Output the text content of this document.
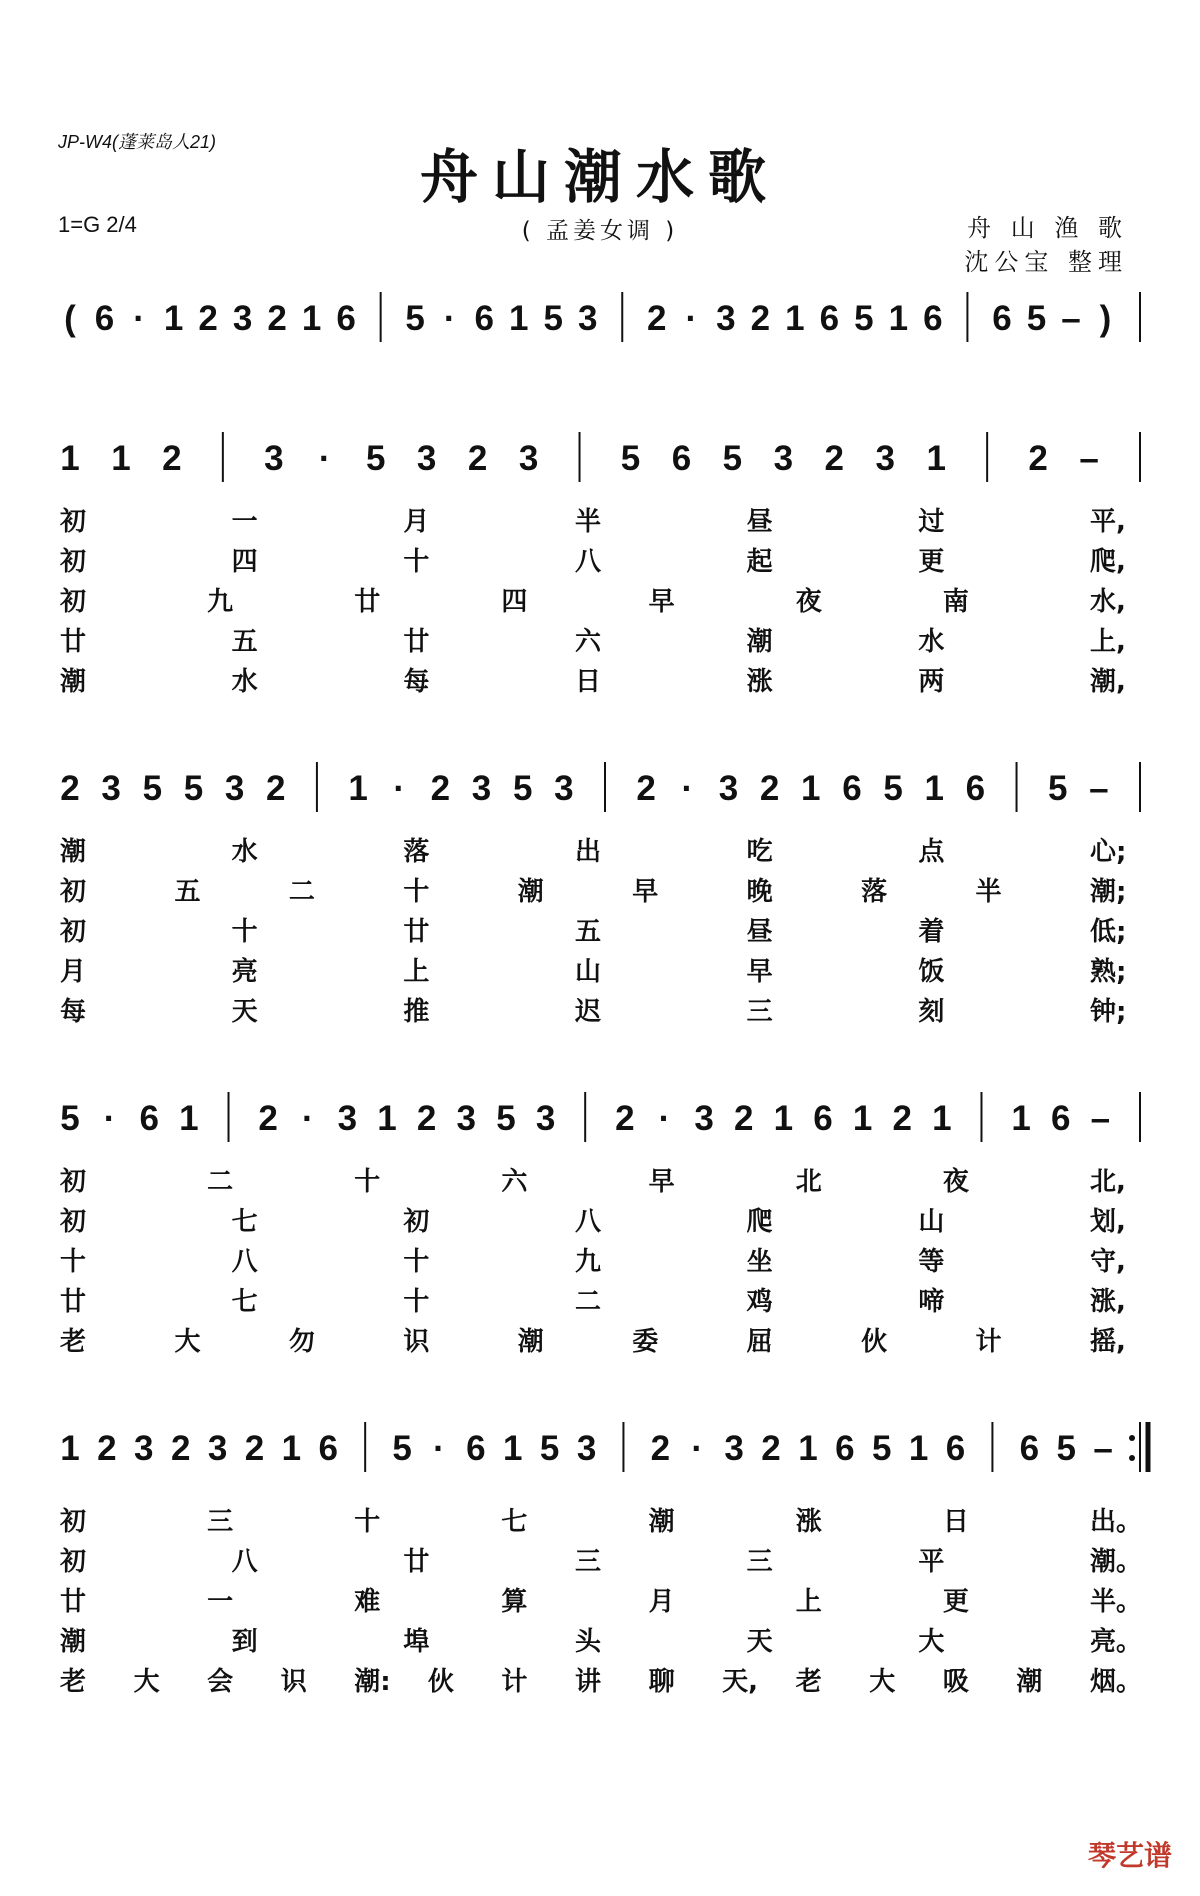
JP-W4(蓬莱岛人21)
舟山潮水歌
1=G 2/4	( 孟姜女调 )	舟 山 渔 歌
沈公宝 整理
( 6 · 1 2 3 2 1 6 5 · 6 1 5 3 2 · 3 2 1 6 5 1 6 6 5 – )
1 1 2 3 · 5 3 2 3 5 6 5 3 2 3 1 2 –
初	一	月	半	昼	过	平,
初	四	十	八	起	更	爬,
初	九	廿	四	早	夜	南	水,
廿	五	廿	六	潮	水	上,
潮	水	每	日	涨	两	潮,
2 3 5 5 3 2 1 · 2 3 5 3 2 · 3 2 1 6 5 1 6 5 –
潮	水	落	出	吃	点	心;
初	五	二	十	潮	早	晚	落	半	潮;
初	十	廿	五	昼	着	低;
月	亮	上	山	早	饭	熟;
每	天	推	迟	三	刻	钟;
5 · 6 1 2 · 3 1 2 3 5 3 2 · 3 2 1 6 1 2 1 1 6 –
初	二	十	六	早	北	夜	北,
初	七	初	八	爬	山	划,
十	八	十	九	坐	等	守,
廿	七	十	二	鸡	啼	涨,
老	大	勿	识	潮	委	屈	伙	计	摇,
1 2 3 2 3 2 1 6 5 · 6 1 5 3 2 · 3 2 1 6 5 1 6 6 5 –
初	三	十	七	潮	涨	日	出。
初	八	廿	三	三	平	潮。
廿	一	难	算	月	上	更	半。
潮	到	埠	头	天	大	亮。
老 大 会 识 潮: 伙 计 讲 聊 天, 老 大 吸 潮 烟。
琴艺谱
